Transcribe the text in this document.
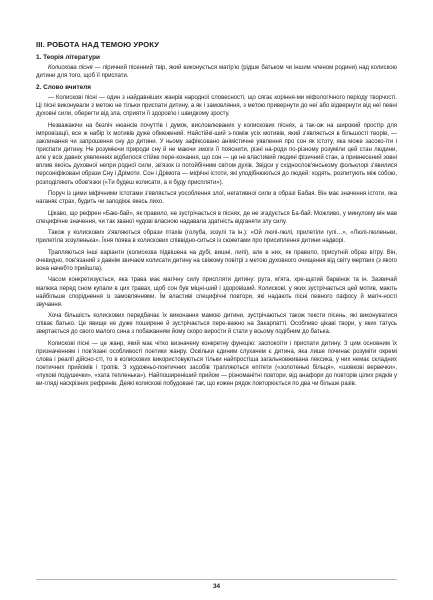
ІІІ. РОБОТА НАД ТЕМОЮ УРОКУ
1. Теорія літератури

Колискова пісня — ліричний пісенний твір, який виконується матір'ю (рідше батьком чи іншим членом родини) над колискою дитини для того, щоб її приспати.

2. Слово вчителя

— Колискові пісні — один з найдавніших жанрів народної словесності, що сягає коріння-ми міфологічного періоду творчості. Ці пісні виконували з метою не тільки приспати дитину, а як і замовляння, з метою привернути до неї або відвернути від неї певні духовні сили, оберегти від зла, сприяти її здоров'ю і швидкому зросту.

Незважаючи на безліч нюансів почуттів і думок, висловлюваних у колискових піснях, а так-ож на широкий простір для імпровізації, все ж набір їх мотивів дуже обмежений. Найстійкі-ший з-поміж усіх мотивів, який з'являється в більшості творів, — заклинання чи запрошення сну до дитини. У ньому зафіксовано анімістичне уявлення про сон як істоту, яка може засоко-їти і приспати дитину. Не розуміючи природи сну й не маючи змоги її пояснити, різні на-роди по-різному розуміли цей стан людини, але у всіх давніх уявленнях відбилося стійке пере-конання, що сон — це не властивий людині фізичний стан, а привнесений зовні вплив якоїсь духовної непри родної сили, зв'язок із потойбічним світом духів. Звідси у східнослов'янському фольклорі з'явилися персоніфіковані образи Сну і Дрімоти. Сон і Дрімота — міфічні істоти, які уподібнюються до людей: ходять, розпитують між собою, розподіляють обов'язки («Ти будеш колисати, а я буду приспляти»).

Поруч із цими міфічними істотами з'являється уособлення злої, негативної сили в образі Бабая. Він має значення істоти, яка наганяє страх, будить чи заподіює якесь лихо.

Цікаво, що рефрен «Баю-бай», як правило, не зустрічається в піснях, де не згадується Ба-бай. Можливо, у минулому він мав специфічне значення, чи так званої чудові власною надавала здатність відганяти злу силу.

Також у колискових з'являються образи птахів (голуба, зозулі та ін.): «Ой люлі-люлі, прилетіли гулі…», «Люлі-люленьки, прилетіла зозуленька». Їхня поява в колискових співвідно-ситься із сюжетами про присиплення дитини надворі.

Трапляються інші варіанти (колискова підвішена на дубі, вишні, липі), але в них, як правило, присутній образ вітру. Він, очевидно, пов'язаний з давнім звичаєм колисати дитину на свіжому повітрі з метою духовного очищення від світу мертвих (з якого вона начебто прийшла).

Часом конкретизується, яка трава має магічну силу приспляти дитину: рута, м'ята, хре-щатий барвінок та ін. Зазвичай малюка перед сном купали в цих травах, щоб сон був міцні-ший і здоровіший. Колискові, у яких зустрічається цей мотив, мають найбільше споріднення із замовляннями. Їм властиві специфічні повтори, які надають пісні певного пафосу й магіч-ності звучання.

Хоча більшість колискових передбачає їх виконання мамою дитини, зустрічаються також тексти пісень, які виконуватися співає батько. Це явище не дуже поширене й зустрічається пере-важно на Закарпатті. Особливо цікаві твори, у яких татусь звертається до свого малого сина з побажанням йому скоро вирости й стати у всьому подібним до батька.

Колискові пісні — це жанр, який має чітко визначену конкретну функцію: заспокоїти і приспати дитину. З цим основним їх призначенням і пов'язані особливості поетики жанру. Оскільки єдиним слухачем є дитина, яка лише починає розуміти окремі слова і реалії дійсно-сті, то в колискових використовуються тільки найпростіша загальновживана лексика, у них немає складних поетичних прийомів і тропів. З художньо-поетичних засобів трапляються епітети («золотенькі більця», «шовкові вервечки», «пухові подушечки», «хата тепленька»). Найпоширеніший прийом — різноманітні повтори, від анафори до повторів цілих рядків у ви-гляді наскрізних рефренів. Деякі колискові побудовані так, що кожен рядок повторюється по два чи більше разів.

34
